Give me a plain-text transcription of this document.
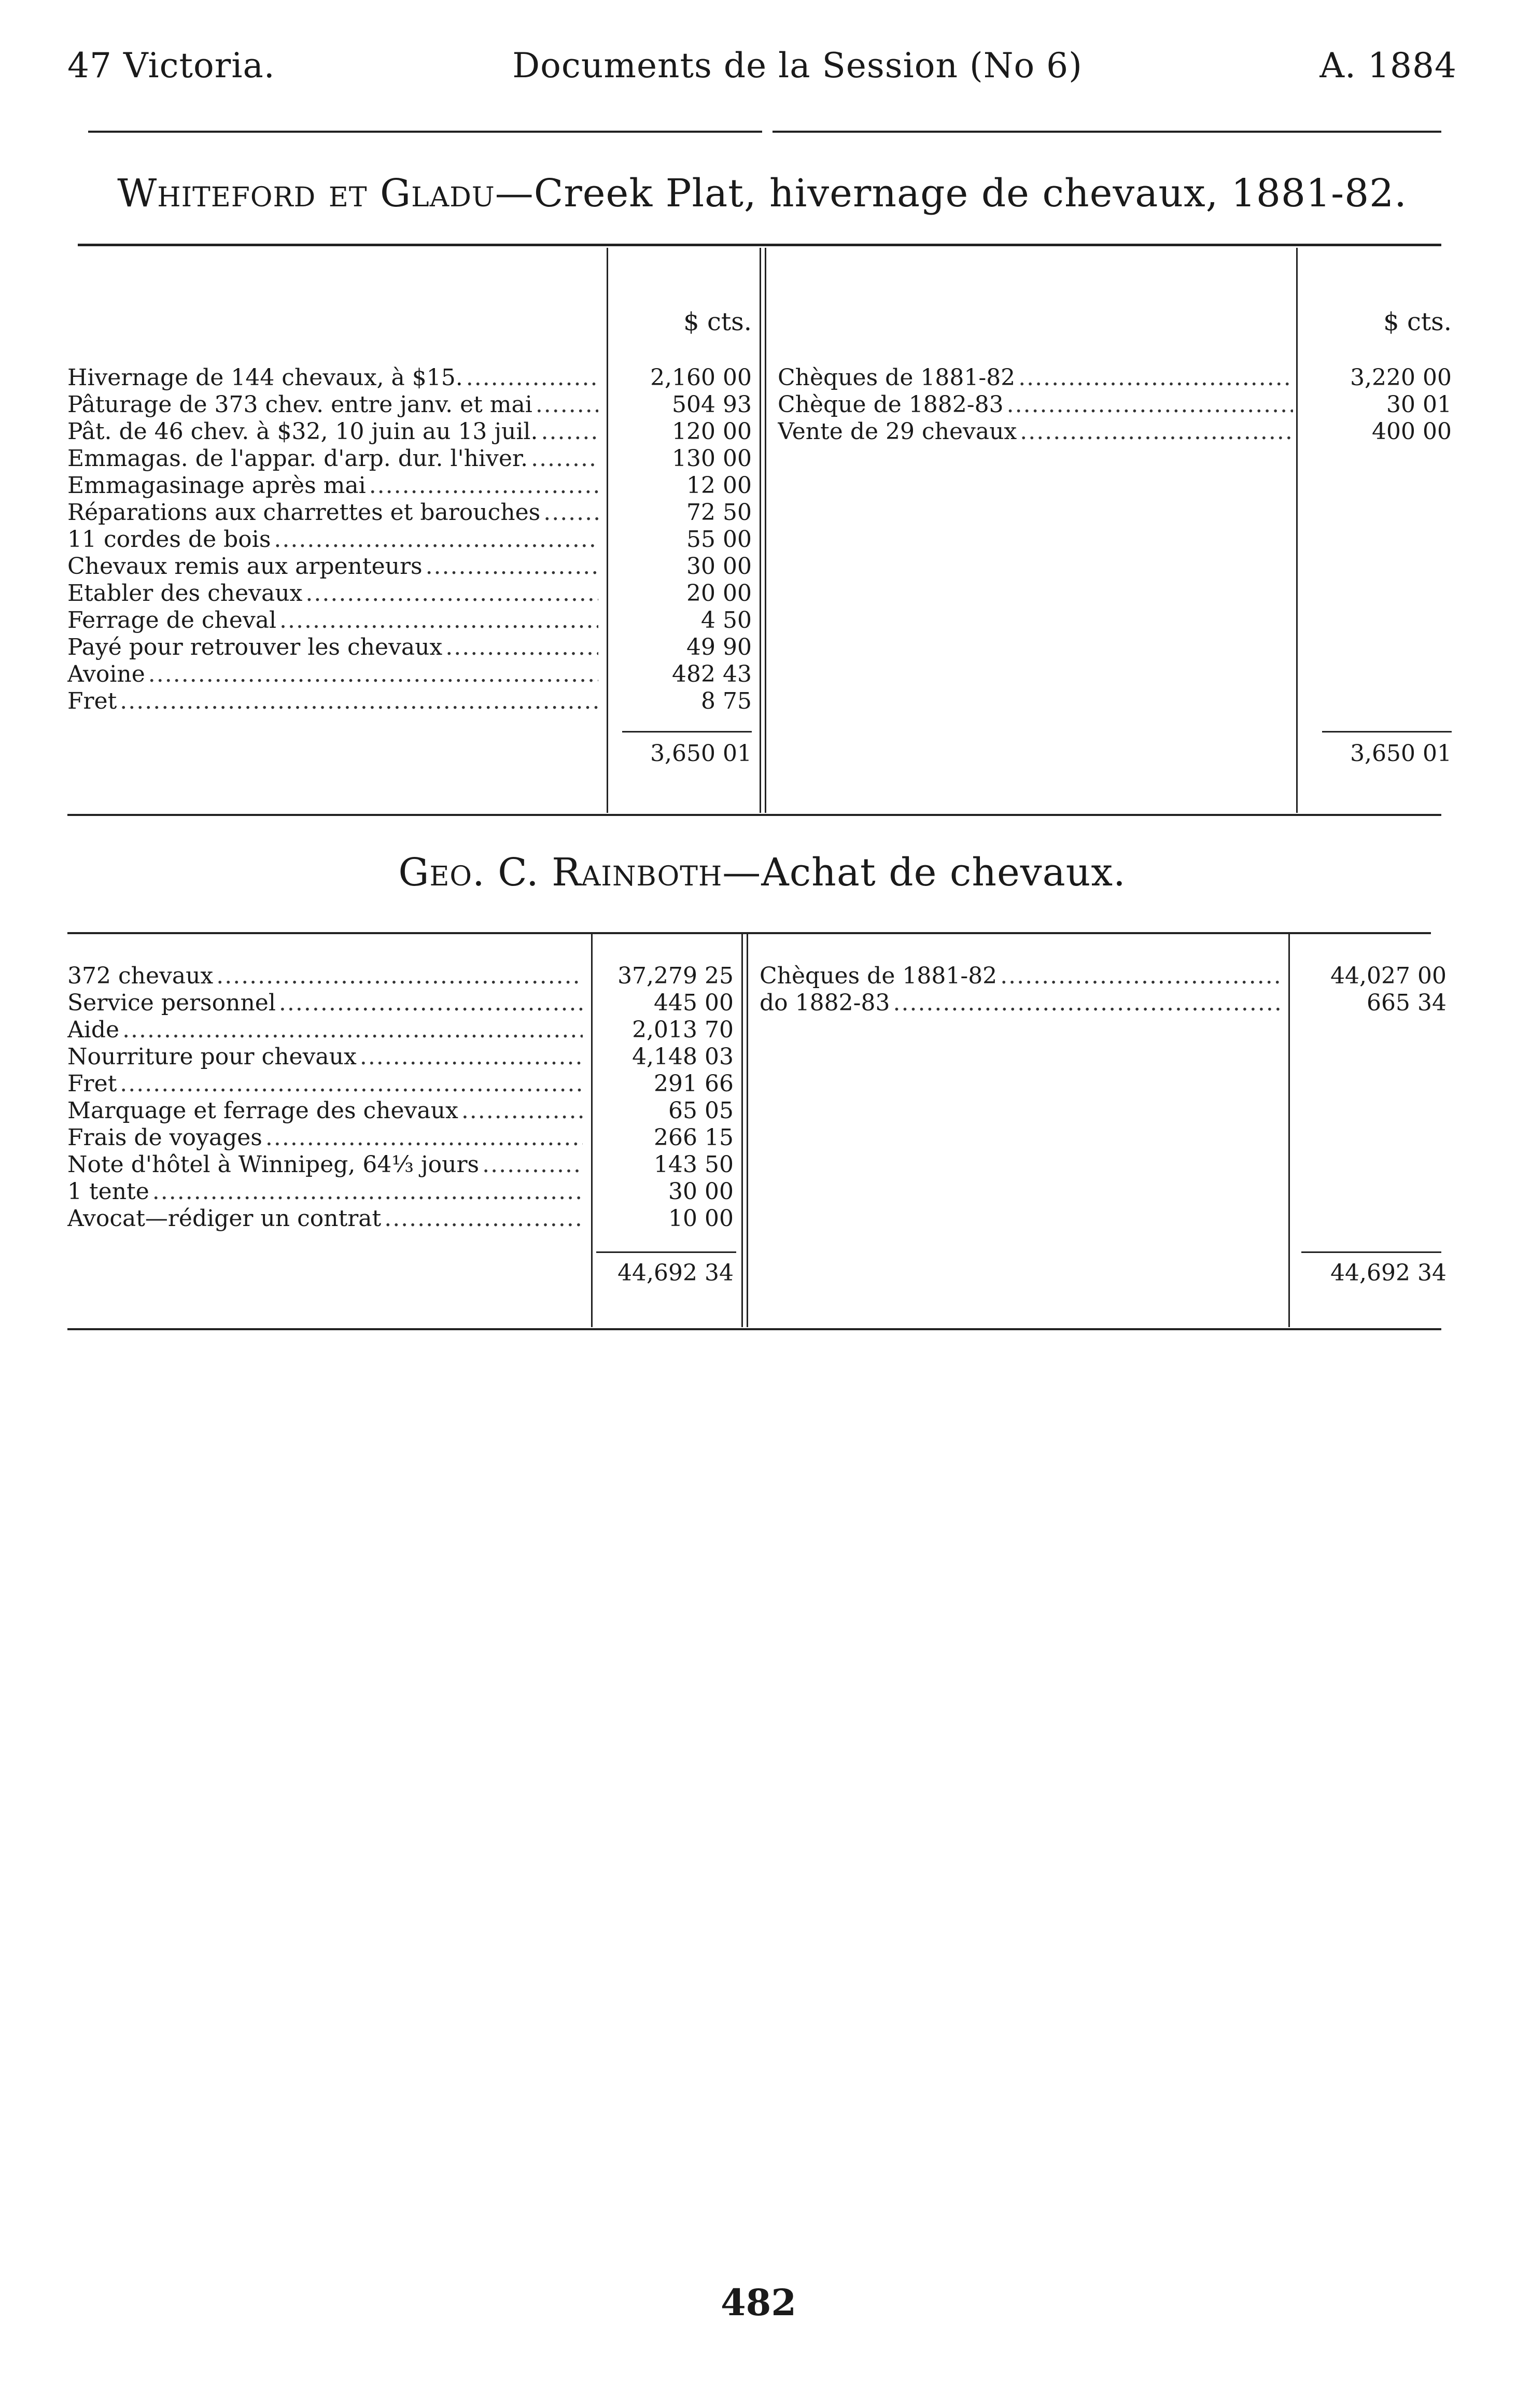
47 Victoria.	Documents de la Session (No 6)	A. 1884
Whiteford et Gladu—Creek Plat, hivernage de chevaux, 1881-82.
$ cts.	$ cts.
Hivernage de 144 chevaux, à $15. .....	2,160 00
Pâturage de 373 chev. entre janv. et mai .....	504 93
Pât. de 46 chev. à $32, 10 juin au 13 juil. .....	120 00
Emmagas. de l'appar. d'arp. dur. l'hiver. .....	130 00
Emmagasinage après mai .....	12 00
Réparations aux charrettes et barouches .....	72 50
11 cordes de bois .....	55 00
Chevaux remis aux arpenteurs .....	30 00
Etabler des chevaux .....	20 00
Ferrage de cheval .....	4 50
Payé pour retrouver les chevaux .....	49 90
Avoine .....	482 43
Fret .....	8 75
Chèques de 1881-82 .....	3,220 00
Chèque de 1882-83 .....	30 01
Vente de 29 chevaux .....	400 00
3,650 01	3,650 01
Geo. C. Rainboth—Achat de chevaux.
372 chevaux .....	37,279 25
Service personnel .....	445 00
Aide .....	2,013 70
Nourriture pour chevaux .....	4,148 03
Fret .....	291 66
Marquage et ferrage des chevaux .....	65 05
Frais de voyages .....	266 15
Note d'hôtel à Winnipeg, 64⅓ jours .....	143 50
1 tente .....	30 00
Avocat—rédiger un contrat .....	10 00
Chèques de 1881-82 .....	44,027 00
do 1882-83 .....	665 34
44,692 34	44,692 34
482
